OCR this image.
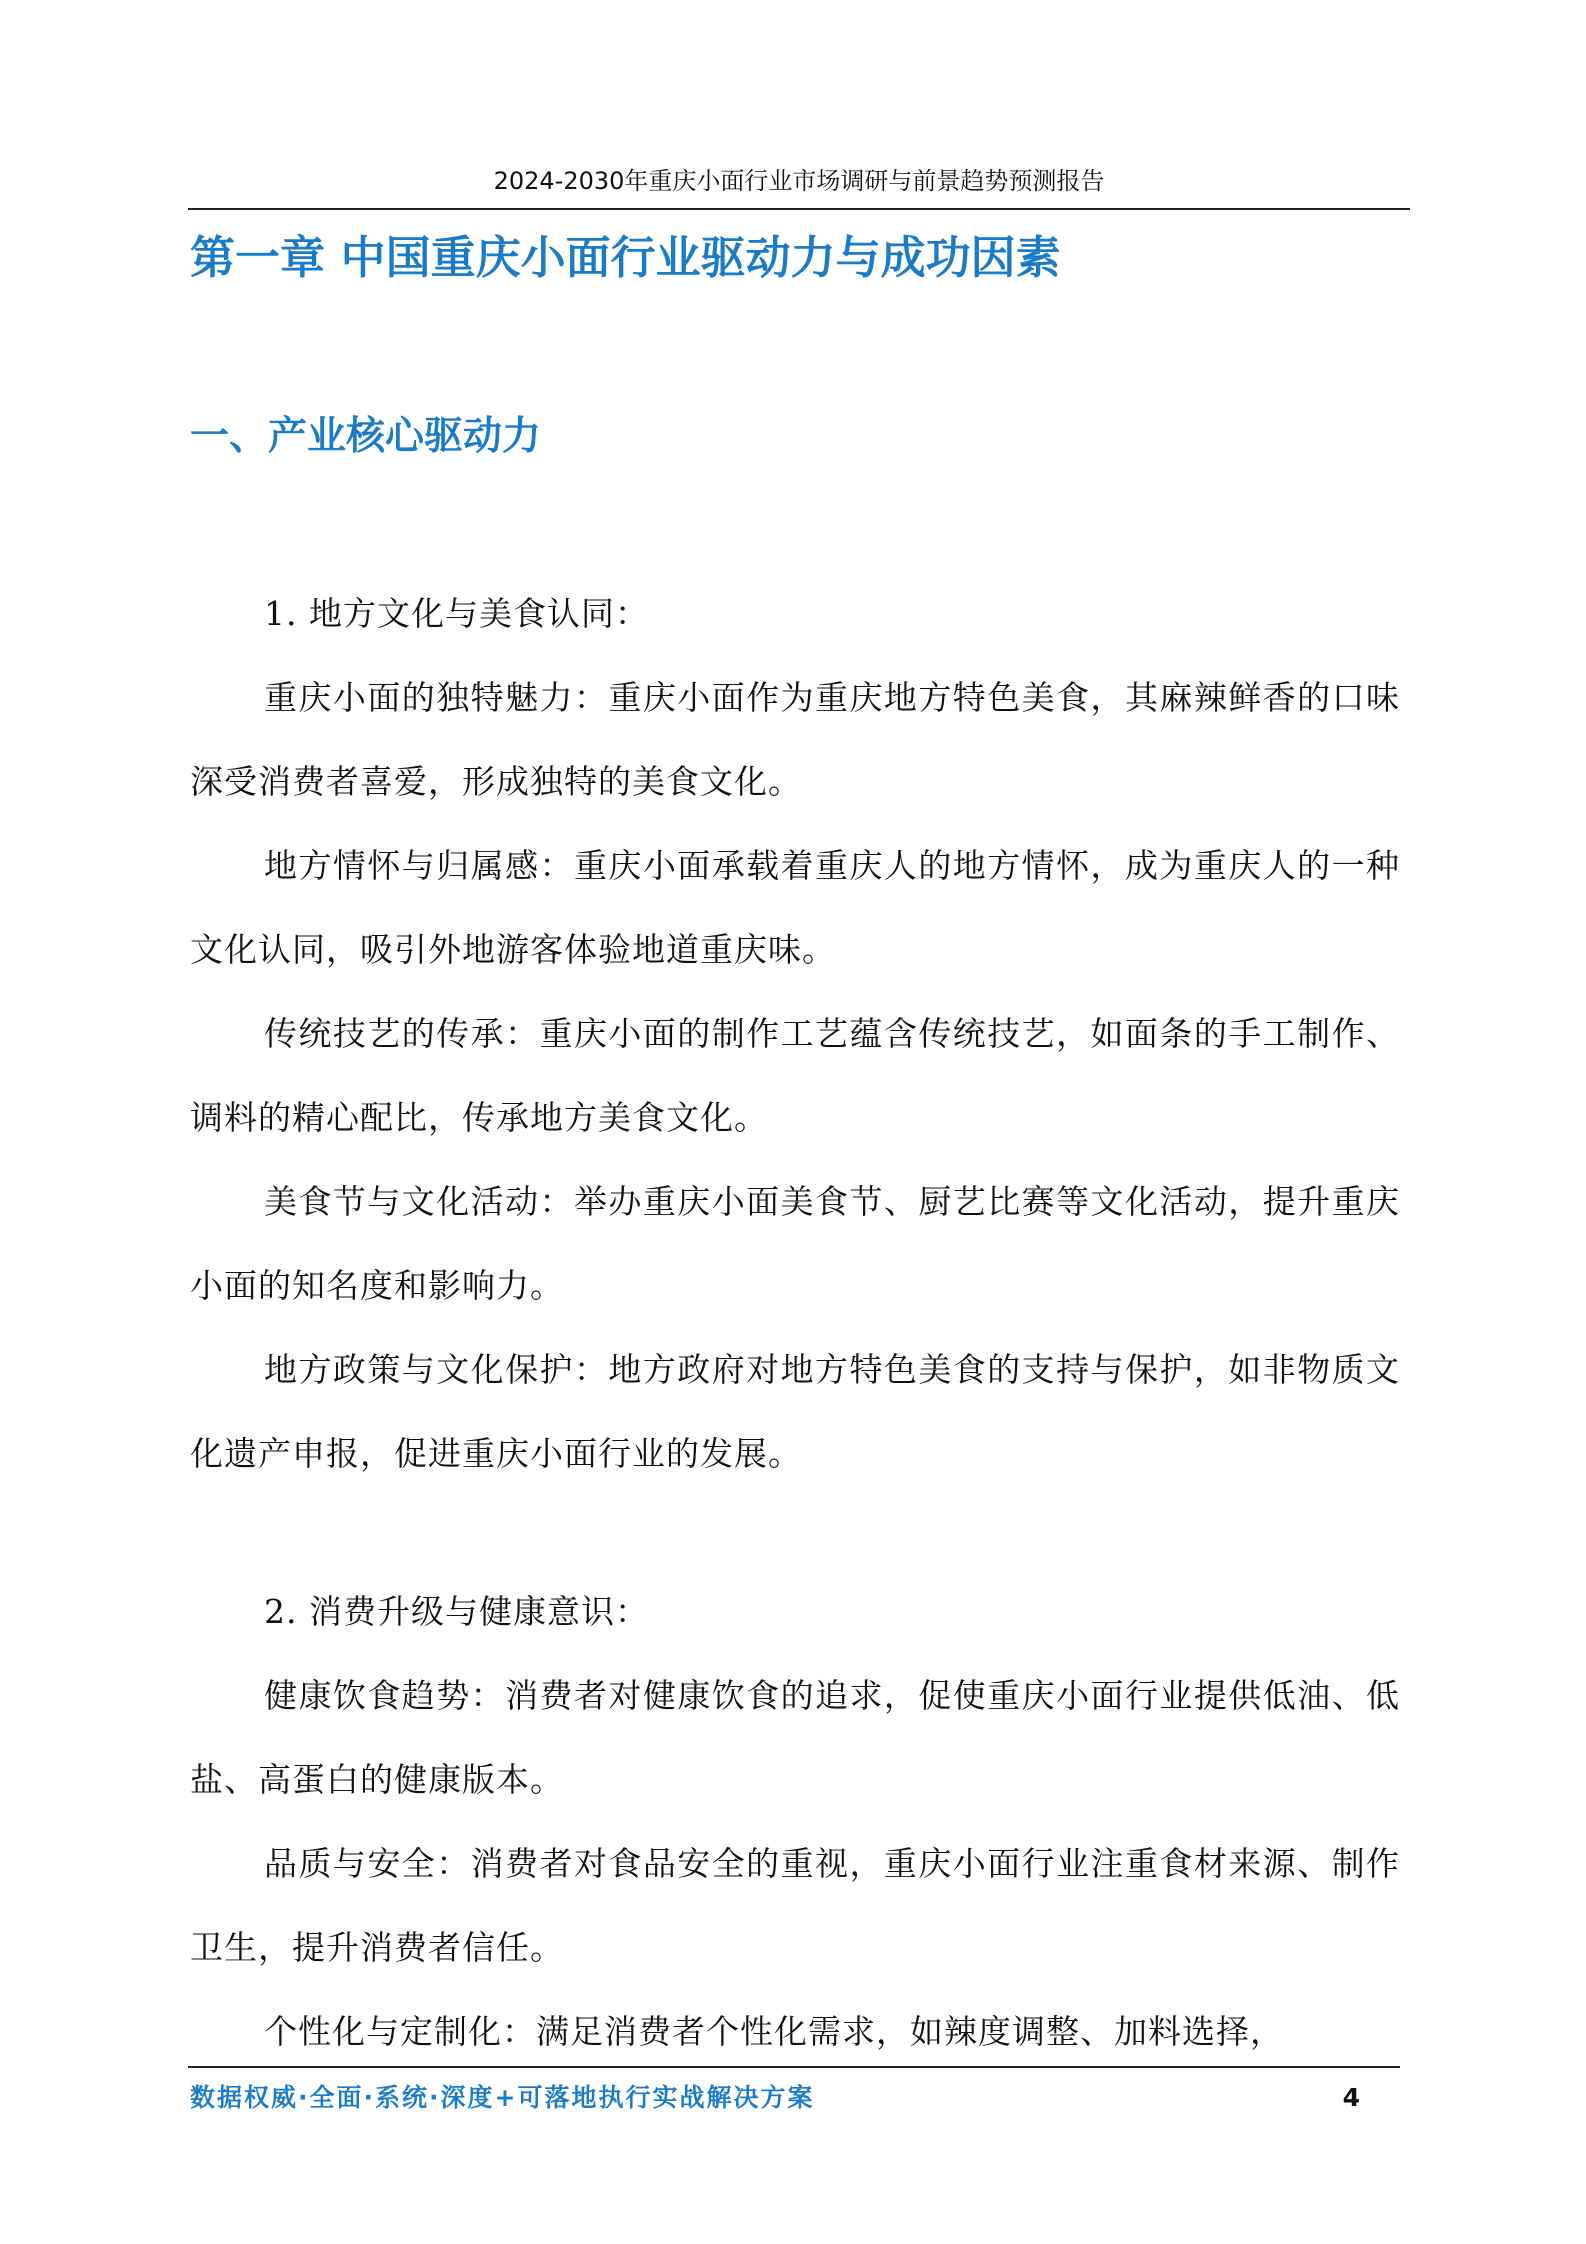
2024-2030年重庆小面行业市场调研与前景趋势预测报告
第一章 中国重庆小面行业驱动力与成功因素
一、产业核心驱动力

1. 地方文化与美食认同：

重庆小面的独特魅力：重庆小面作为重庆地方特色美食，其麻辣鲜香的口味深受消费者喜爱，形成独特的美食文化。

地方情怀与归属感：重庆小面承载着重庆人的地方情怀，成为重庆人的一种文化认同，吸引外地游客体验地道重庆味。

传统技艺的传承：重庆小面的制作工艺蕴含传统技艺，如面条的手工制作、调料的精心配比，传承地方美食文化。

美食节与文化活动：举办重庆小面美食节、厨艺比赛等文化活动，提升重庆小面的知名度和影响力。

地方政策与文化保护：地方政府对地方特色美食的支持与保护，如非物质文化遗产申报，促进重庆小面行业的发展。

2. 消费升级与健康意识：

健康饮食趋势：消费者对健康饮食的追求，促使重庆小面行业提供低油、低盐、高蛋白的健康版本。

品质与安全：消费者对食品安全的重视，重庆小面行业注重食材来源、制作卫生，提升消费者信任。

个性化与定制化：满足消费者个性化需求，如辣度调整、加料选择，

数据权威·全面·系统·深度+可落地执行实战解决方案	4
